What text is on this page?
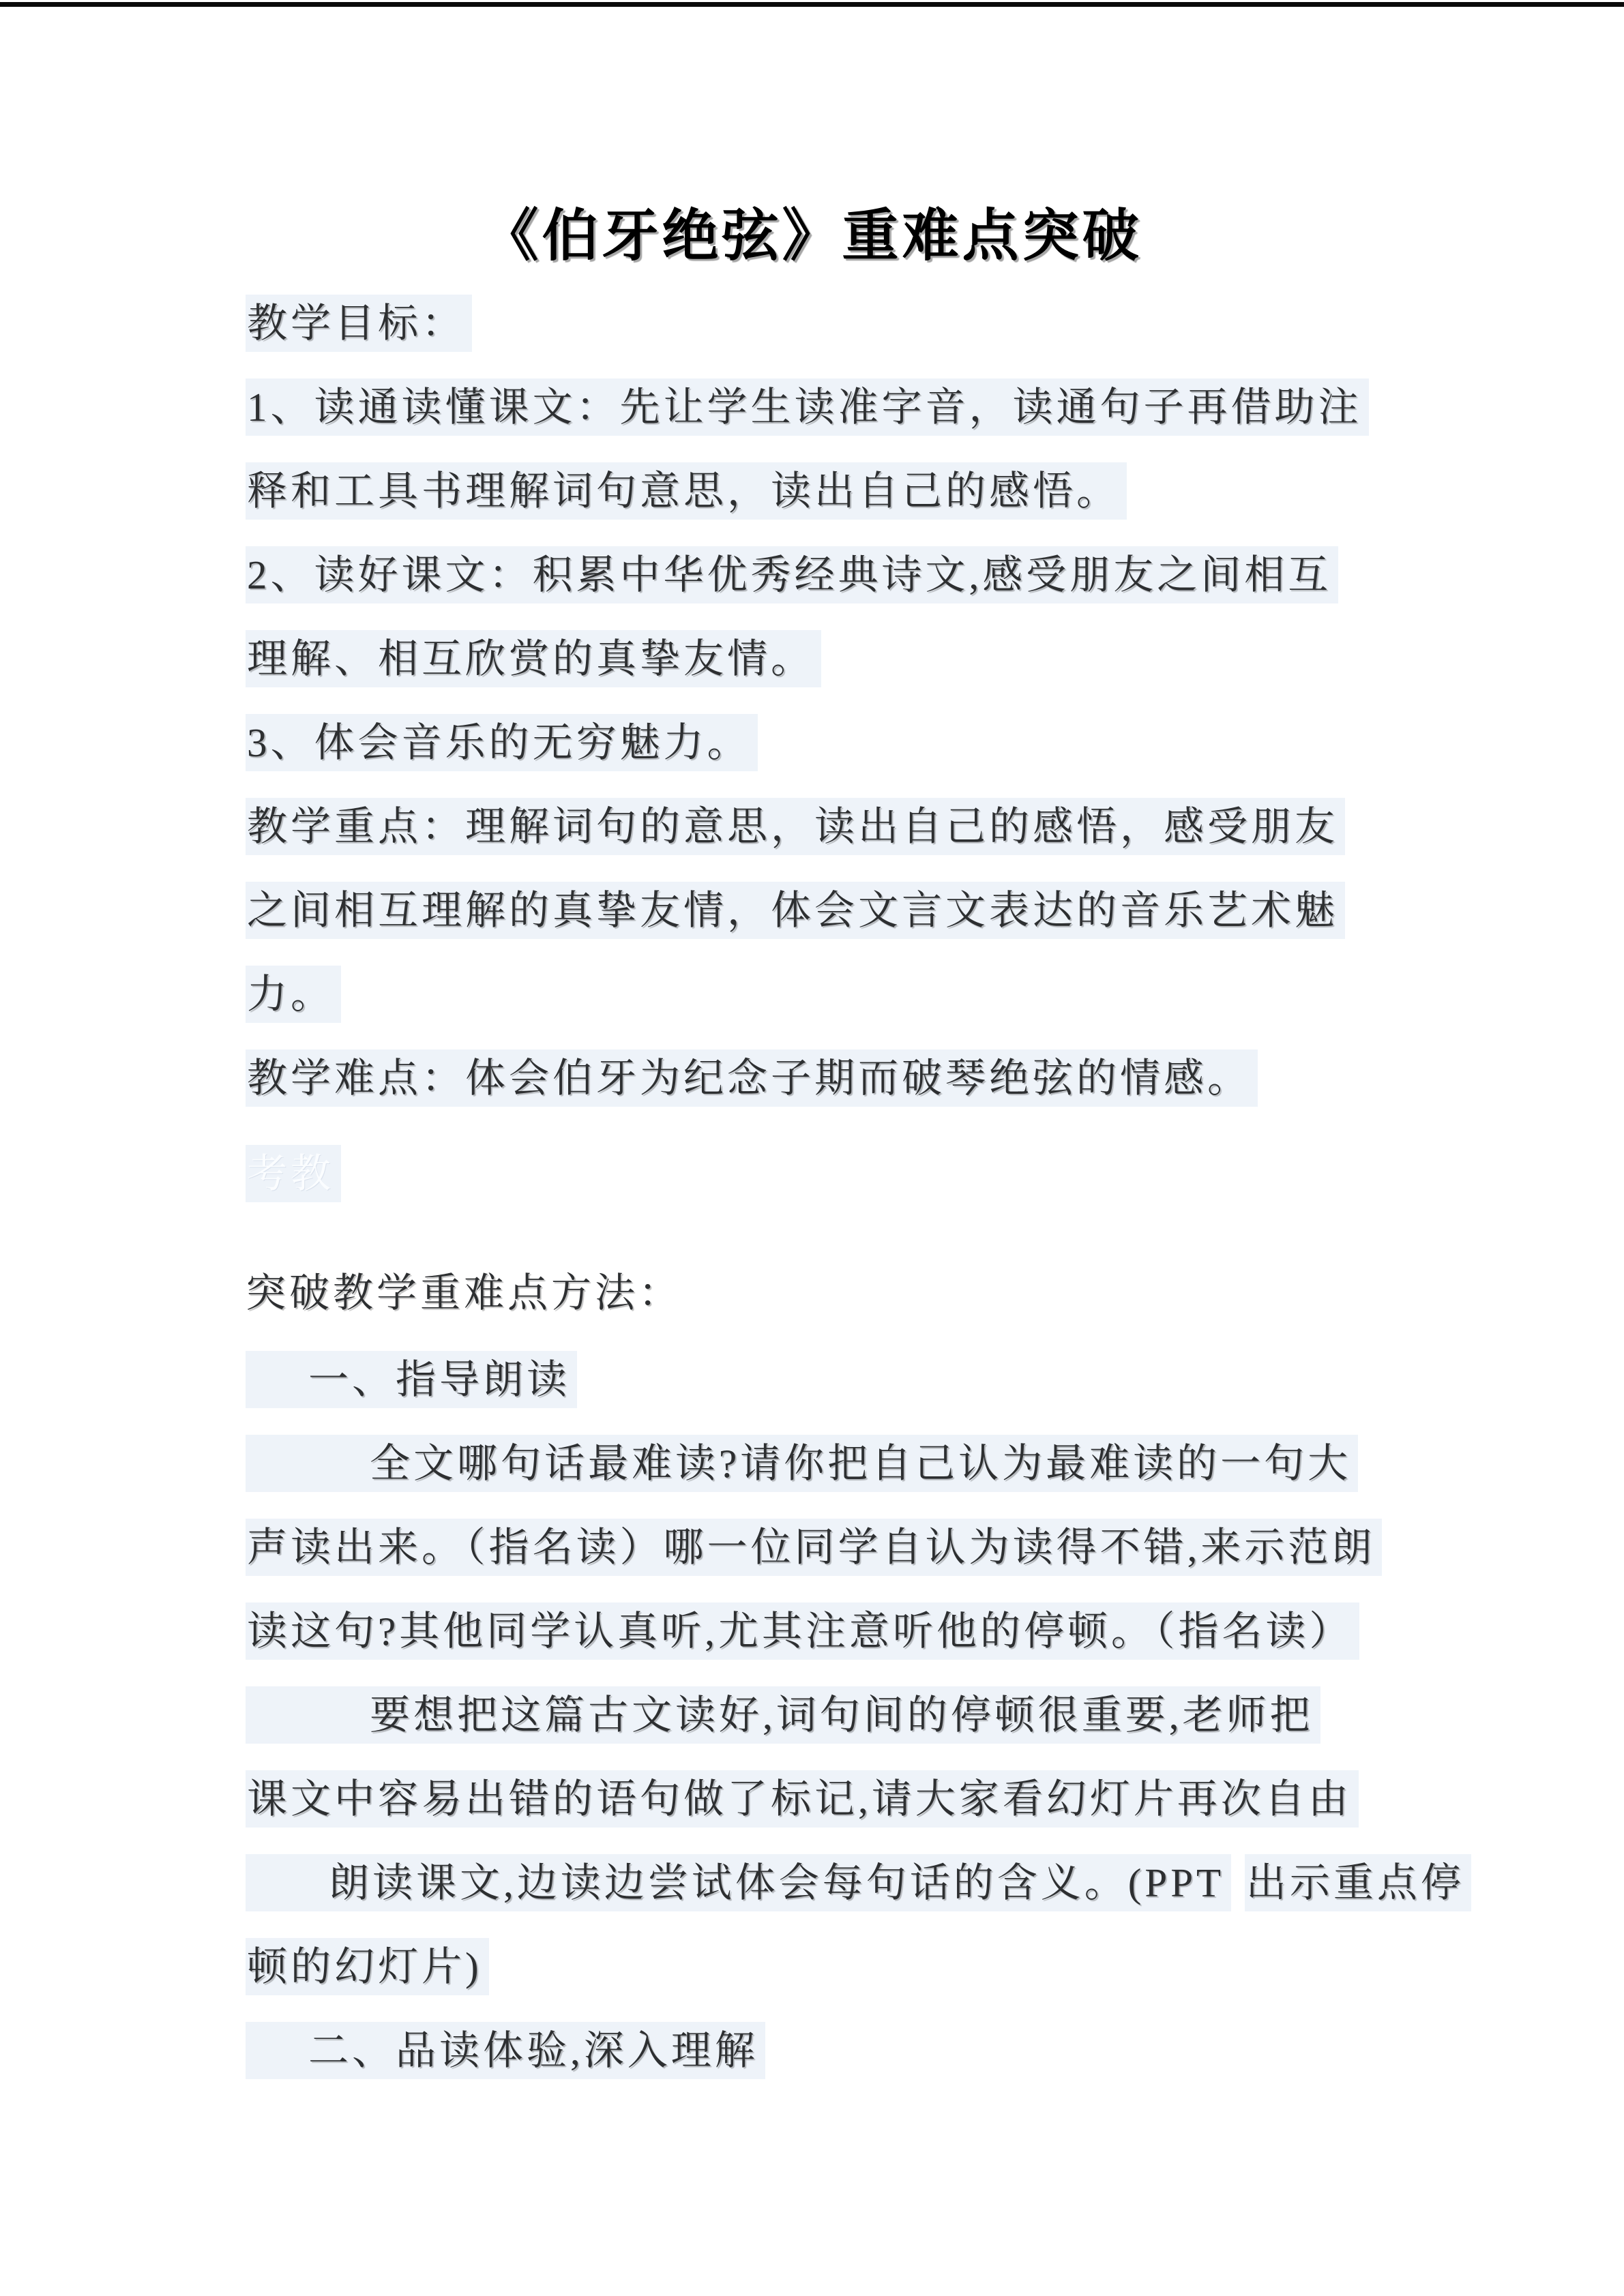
《伯牙绝弦》重难点突破
教学目标：
1、读通读懂课文：先让学生读准字音，读通句子再借助注
释和工具书理解词句意思，读出自己的感悟。
2、读好课文：积累中华优秀经典诗文,感受朋友之间相互
理解、相互欣赏的真挚友情。
3、体会音乐的无穷魅力。
教学重点：理解词句的意思，读出自己的感悟，感受朋友
之间相互理解的真挚友情，体会文言文表达的音乐艺术魅
力。
教学难点：体会伯牙为纪念子期而破琴绝弦的情感。
考教
突破教学重难点方法：
一、指导朗读
全文哪句话最难读?请你把自己认为最难读的一句大
声读出来。（指名读）哪一位同学自认为读得不错,来示范朗
读这句?其他同学认真听,尤其注意听他的停顿。（指名读）
要想把这篇古文读好,词句间的停顿很重要,老师把
课文中容易出错的语句做了标记,请大家看幻灯片再次自由
朗读课文,边读边尝试体会每句话的含义。(PPT 出示重点停
顿的幻灯片)
二、品读体验,深入理解
